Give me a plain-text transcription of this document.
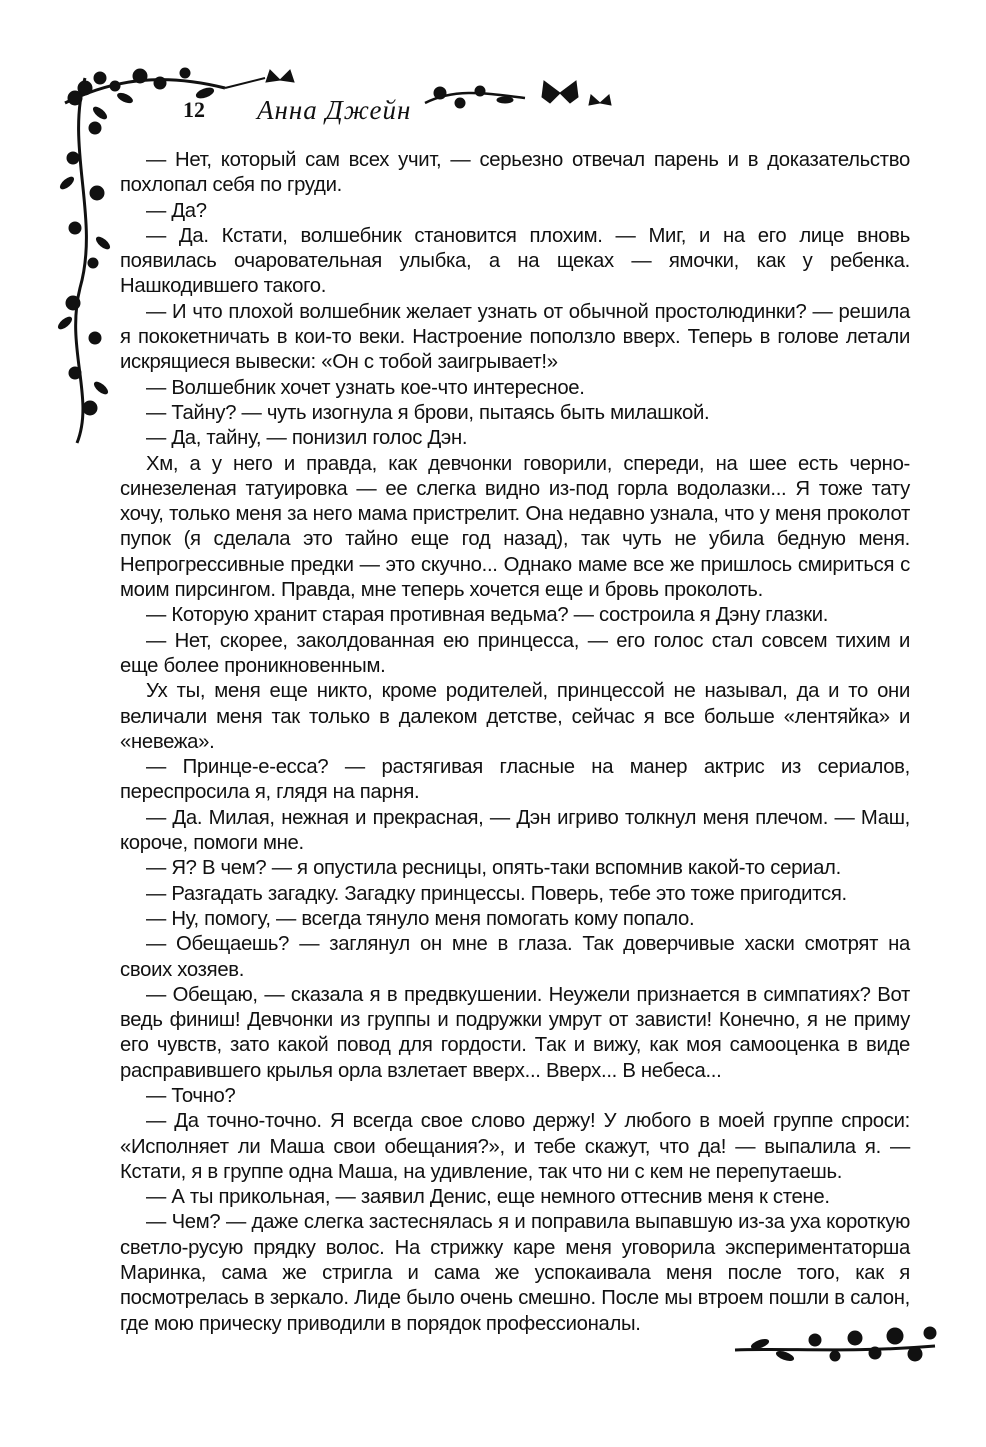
12 Анна Джейн

— Нет, который сам всех учит, — серьезно отвечал парень и в доказательство похлопал себя по груди.

— Да?

— Да. Кстати, волшебник становится плохим. — Миг, и на его лице вновь появилась очаровательная улыбка, а на щеках — ямочки, как у ребенка. Нашкодившего такого.

— И что плохой волшебник желает узнать от обычной простолюдинки? — решила я пококетничать в кои-то веки. Настроение поползло вверх. Теперь в голове летали искрящиеся вывески: «Он с тобой заигрывает!»

— Волшебник хочет узнать кое-что интересное.

— Тайну? — чуть изогнула я брови, пытаясь быть милашкой.

— Да, тайну, — понизил голос Дэн.

Хм, а у него и правда, как девчонки говорили, спереди, на шее есть черно-синезеленая татуировка — ее слегка видно из-под горла водолазки... Я тоже тату хочу, только меня за него мама пристрелит. Она недавно узнала, что у меня проколот пупок (я сделала это тайно еще год назад), так чуть не убила бедную меня. Непрогрессивные предки — это скучно... Однако маме все же пришлось смириться с моим пирсингом. Правда, мне теперь хочется еще и бровь проколоть.

— Которую хранит старая противная ведьма? — состроила я Дэну глазки.

— Нет, скорее, заколдованная ею принцесса, — его голос стал совсем тихим и еще более проникновенным.

Ух ты, меня еще никто, кроме родителей, принцессой не называл, да и то они величали меня так только в далеком детстве, сейчас я все больше «лентяйка» и «невежа».

— Принце-е-есса? — растягивая гласные на манер актрис из сериалов, переспросила я, глядя на парня.

— Да. Милая, нежная и прекрасная, — Дэн игриво толкнул меня плечом. — Маш, короче, помоги мне.

— Я? В чем? — я опустила ресницы, опять-таки вспомнив какой-то сериал.

— Разгадать загадку. Загадку принцессы. Поверь, тебе это тоже пригодится.

— Ну, помогу, — всегда тянуло меня помогать кому попало.

— Обещаешь? — заглянул он мне в глаза. Так доверчивые хаски смотрят на своих хозяев.

— Обещаю, — сказала я в предвкушении. Неужели признается в симпатиях? Вот ведь финиш! Девчонки из группы и подружки умрут от зависти! Конечно, я не приму его чувств, зато какой повод для гордости. Так и вижу, как моя самооценка в виде расправившего крылья орла взлетает вверх... Вверх... В небеса...

— Точно?

— Да точно-точно. Я всегда свое слово держу! У любого в моей группе спроси: «Исполняет ли Маша свои обещания?», и тебе скажут, что да! — выпалила я. — Кстати, я в группе одна Маша, на удивление, так что ни с кем не перепутаешь.

— А ты прикольная, — заявил Денис, еще немного оттеснив меня к стене.

— Чем? — даже слегка застеснялась я и поправила выпавшую из-за уха короткую светло-русую прядку волос. На стрижку каре меня уговорила экспериментаторша Маринка, сама же стригла и сама же успокаивала меня после того, как я посмотрелась в зеркало. Лиде было очень смешно. После мы втроем пошли в салон, где мою прическу приводили в порядок профессионалы.
